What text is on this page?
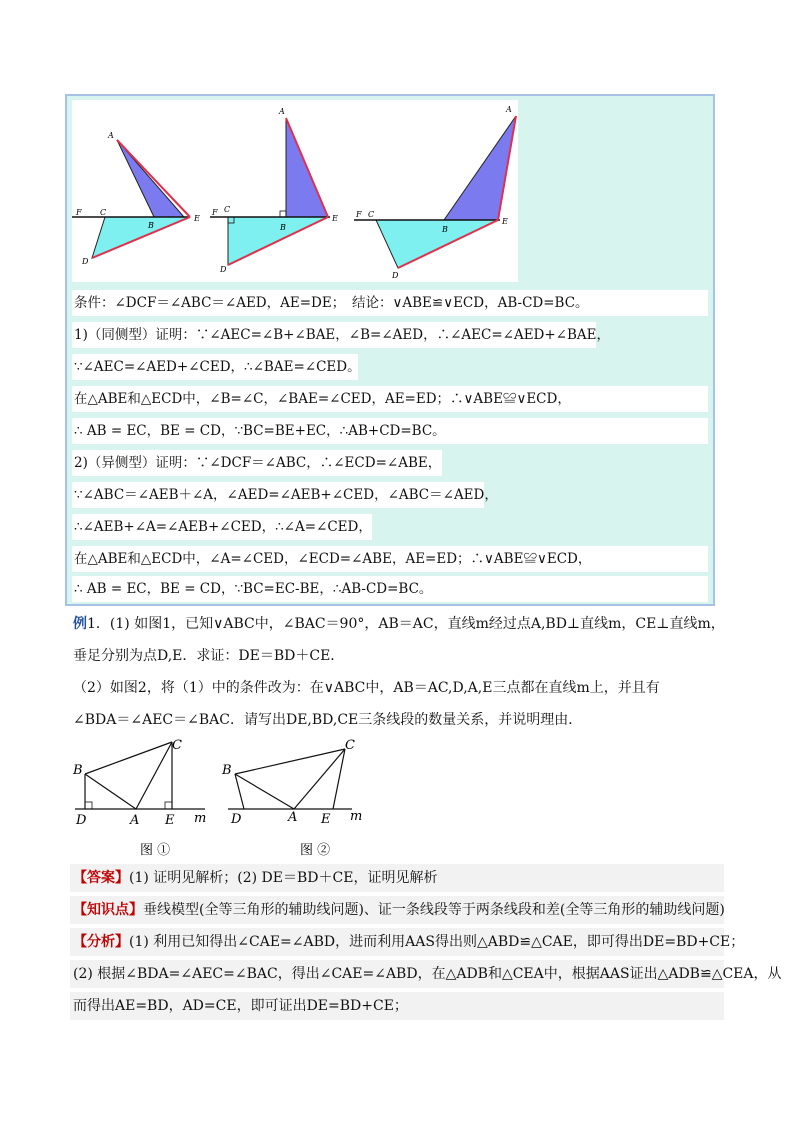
A
F C
B
E
D
A
F C
B
E
D
A
F C
B
E
D
条件：∠DCF＝∠ABC＝∠AED，AE=DE；　结论：∨ABE≌∨ECD，AB-CD=BC。
1)（同侧型）证明：∵∠AEC=∠B+∠BAE，∠B=∠AED，∴∠AEC=∠AED+∠BAE，
∵∠AEC=∠AED+∠CED，∴∠BAE=∠CED。
在△ABE和△ECD中，∠B=∠C，∠BAE=∠CED，AE=ED；∴∨ABE≌∨ECD，
∴ AB = EC，BE = CD，∵BC=BE+EC，∴AB+CD=BC。
2)（异侧型）证明：∵∠DCF＝∠ABC，∴∠ECD=∠ABE，
∵∠ABC＝∠AEB＋∠A，∠AED=∠AEB+∠CED，∠ABC＝∠AED，
∴∠AEB+∠A=∠AEB+∠CED，∴∠A=∠CED，
在△ABE和△ECD中，∠A=∠CED，∠ECD=∠ABE，AE=ED；∴∨ABE≌∨ECD，
∴ AB = EC，BE = CD，∵BC=EC-BE，∴AB-CD=BC。
例1．(1) 如图1，已知∨ABC中，∠BAC＝90°，AB＝AC，直线m经过点A,BD⊥直线m，CE⊥直线m，
垂足分别为点D,E．求证：DE＝BD＋CE．
（2）如图2，将（1）中的条件改为：在∨ABC中，AB＝AC,D,A,E三点都在直线m上，并且有
∠BDA＝∠AEC＝∠BAC．请写出DE,BD,CE三条线段的数量关系，并说明理由．
C
B
D	A E m
图 ①
C
B
D	A E m
图 ②
【答案】(1) 证明见解析；(2) DE＝BD＋CE，证明见解析
【知识点】垂线模型(全等三角形的辅助线问题)、证一条线段等于两条线段和差(全等三角形的辅助线问题)
【分析】(1) 利用已知得出∠CAE=∠ABD，进而利用AAS得出则△ABD≌△CAE，即可得出DE=BD+CE；
(2) 根据∠BDA=∠AEC=∠BAC，得出∠CAE=∠ABD，在△ADB和△CEA中，根据AAS证出△ADB≌△CEA，从
而得出AE=BD，AD=CE，即可证出DE=BD+CE；
